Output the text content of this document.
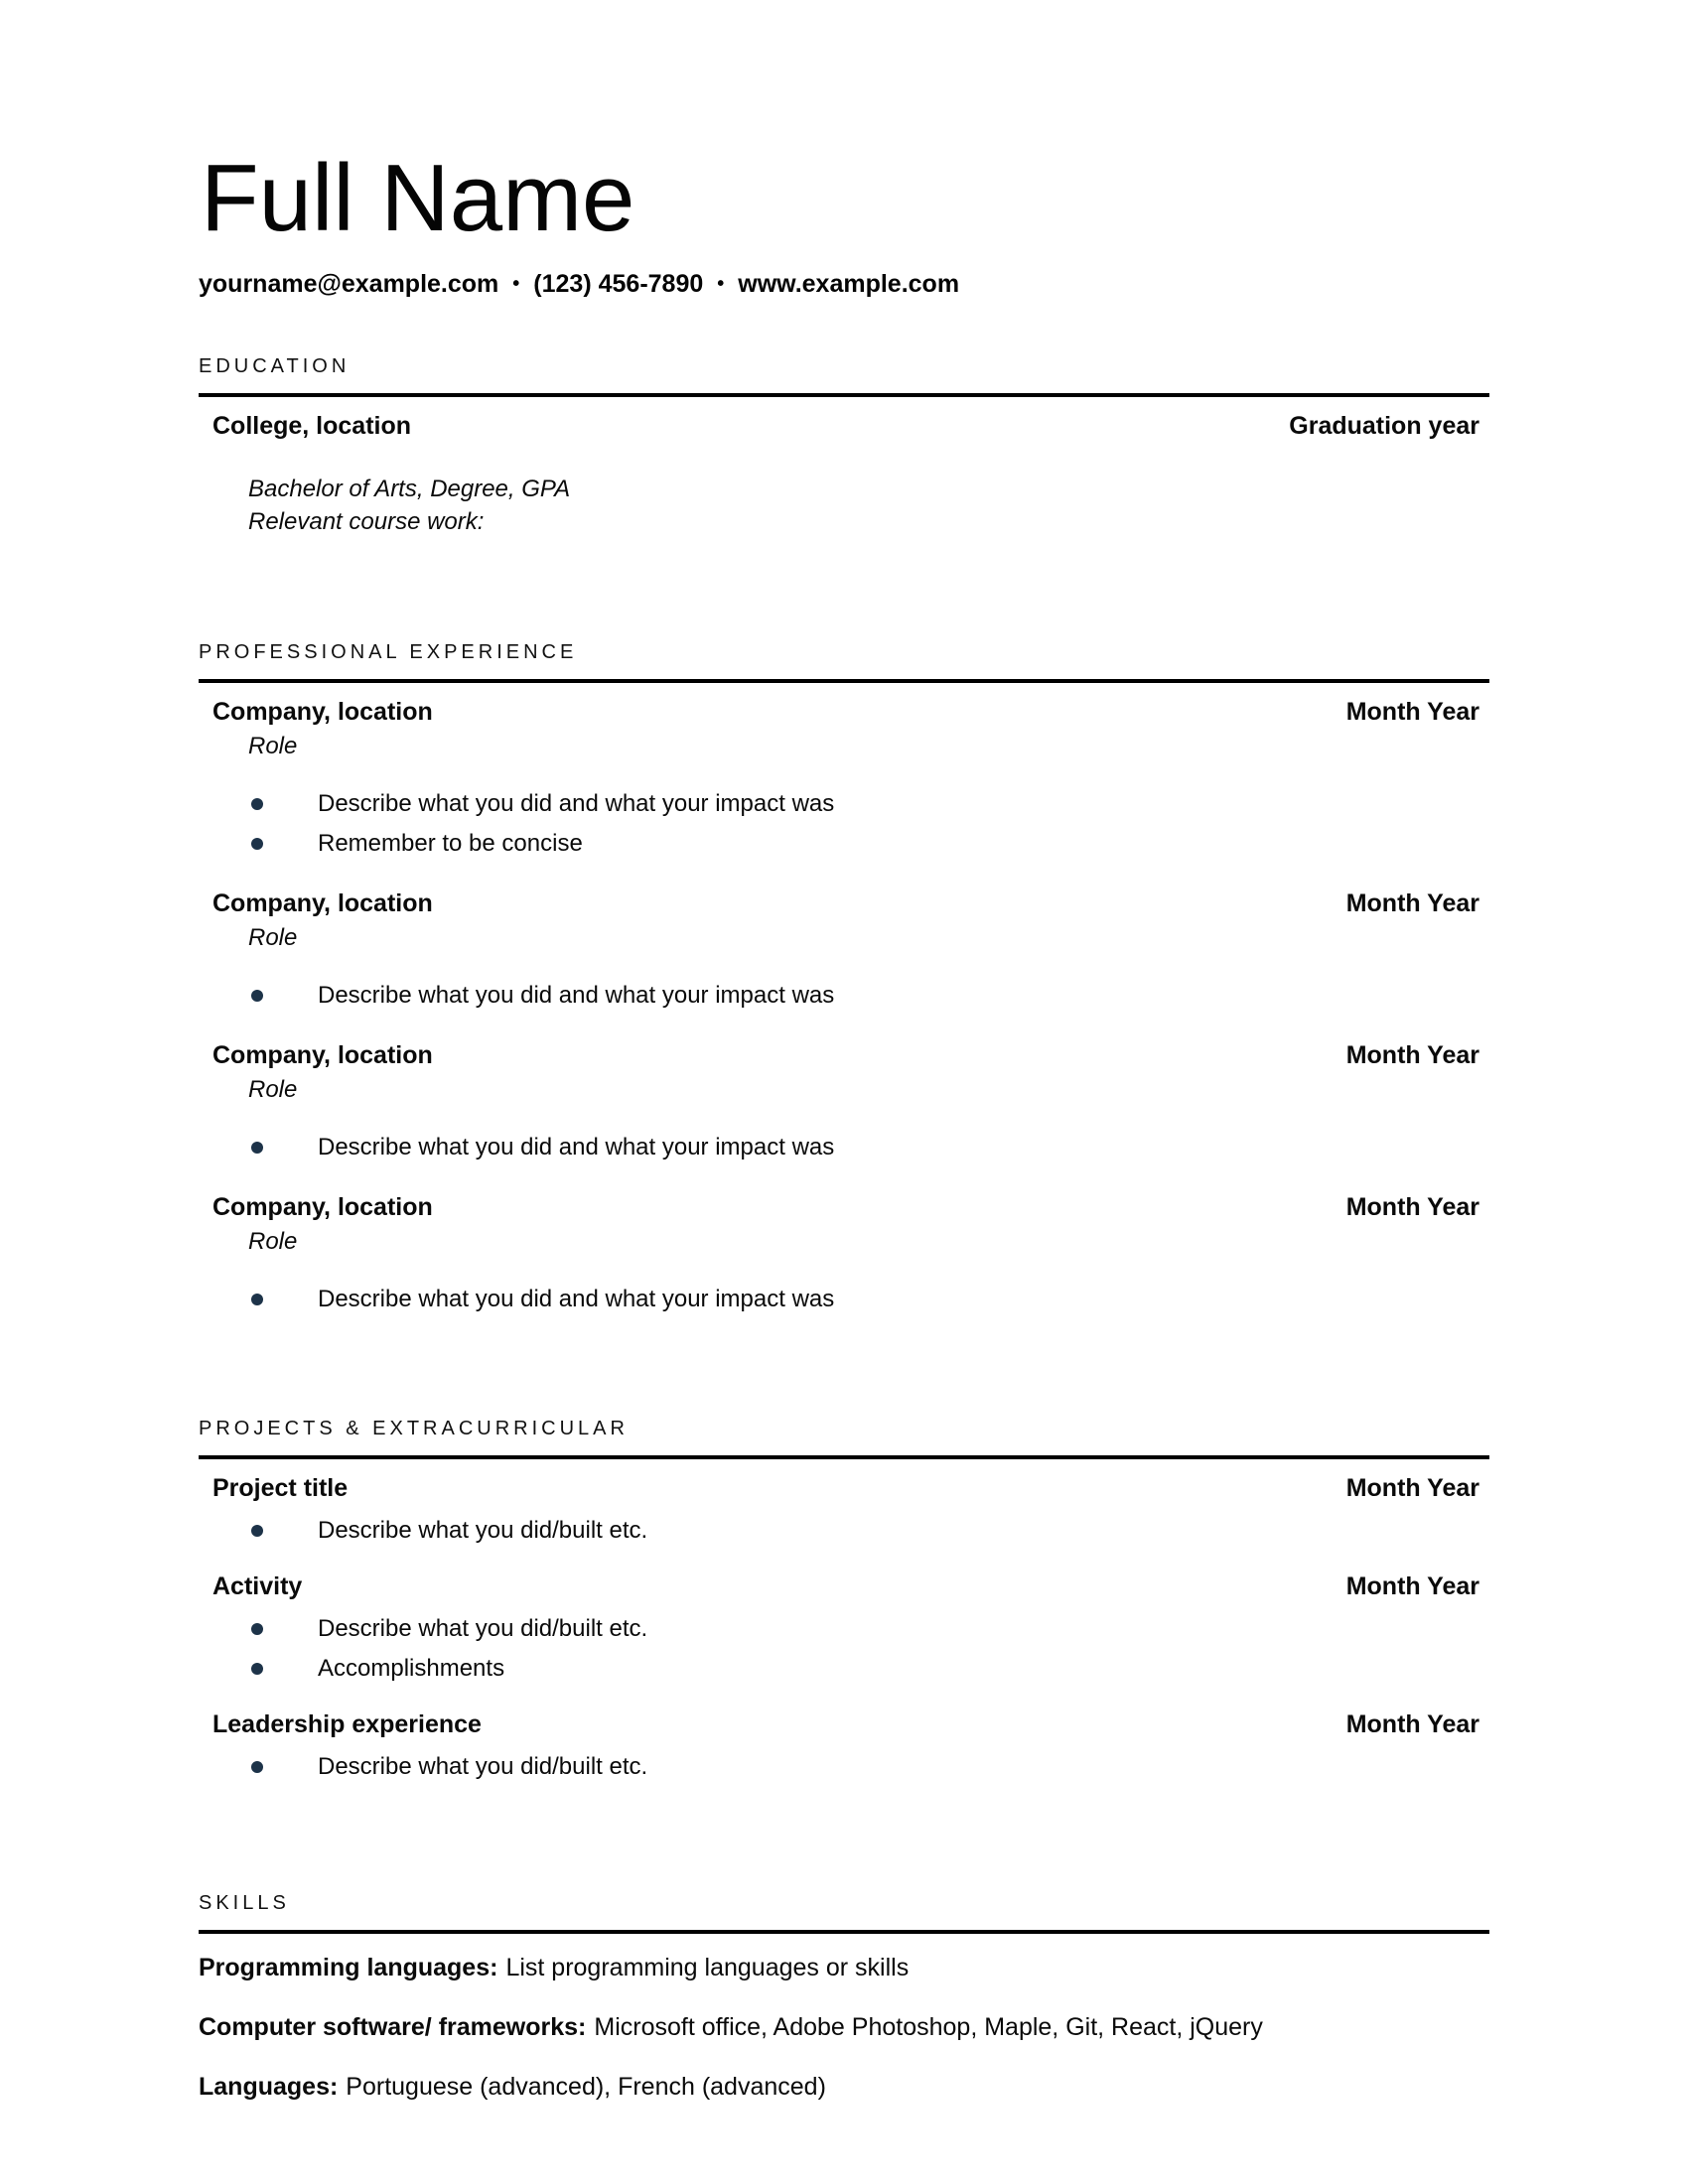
Full Name
yourname@example.com • (123) 456-7890 • www.example.com
EDUCATION
College, location	Graduation year
Bachelor of Arts, Degree, GPA
Relevant course work:
PROFESSIONAL EXPERIENCE
Company, location	Month Year
Role
Describe what you did and what your impact was
Remember to be concise
Company, location	Month Year
Role
Describe what you did and what your impact was
Company, location	Month Year
Role
Describe what you did and what your impact was
Company, location	Month Year
Role
Describe what you did and what your impact was
PROJECTS & EXTRACURRICULAR
Project title	Month Year
Describe what you did/built etc.
Activity	Month Year
Describe what you did/built etc.
Accomplishments
Leadership experience	Month Year
Describe what you did/built etc.
SKILLS
Programming languages: List programming languages or skills
Computer software/ frameworks: Microsoft office, Adobe Photoshop, Maple, Git, React, jQuery
Languages: Portuguese (advanced), French (advanced)
